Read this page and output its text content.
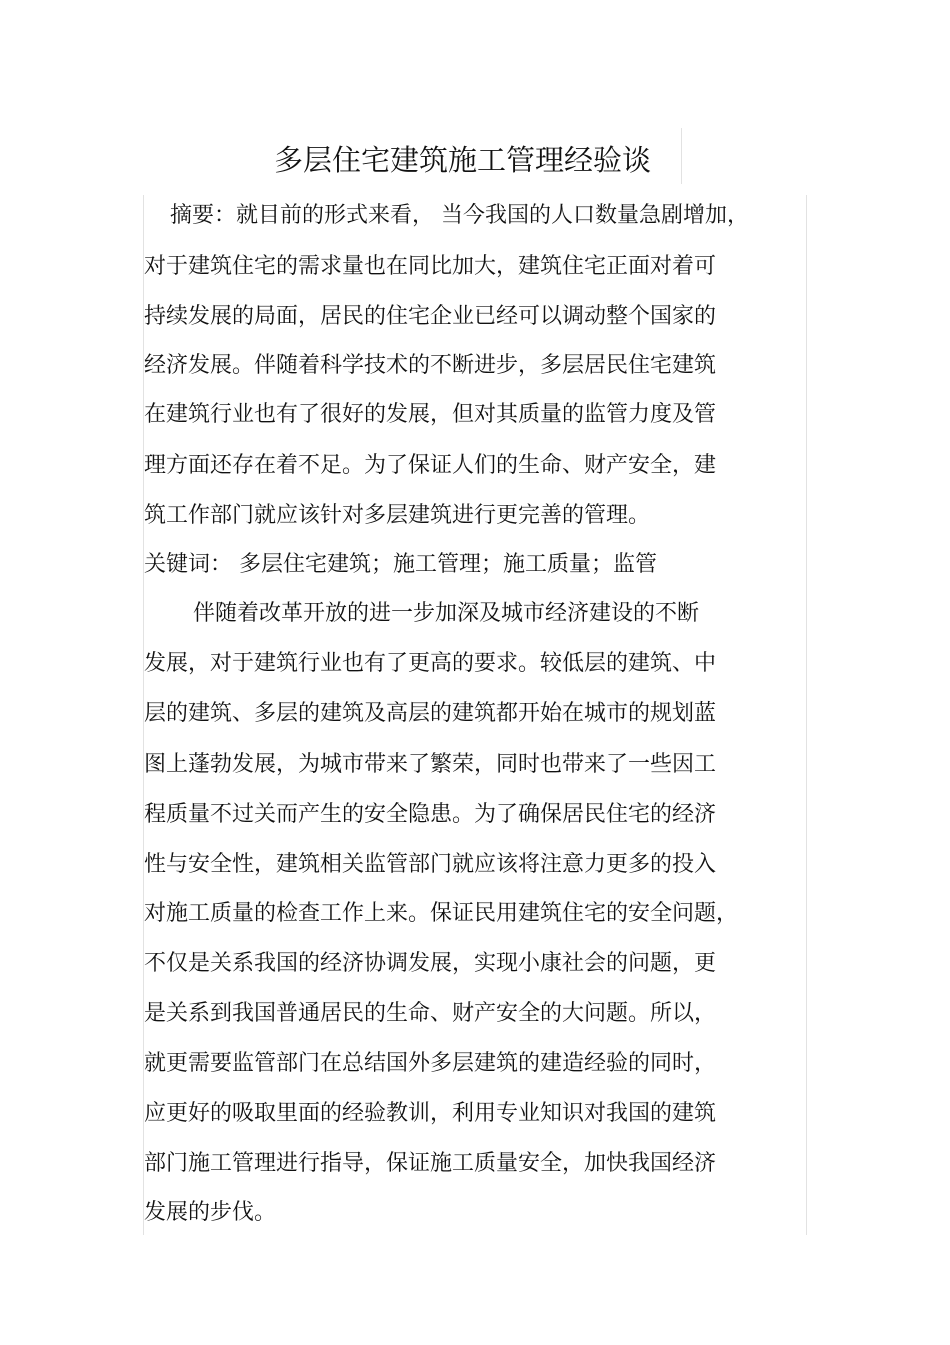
多层住宅建筑施工管理经验谈
摘要：就目前的形式来看， 当今我国的人口数量急剧增加，
对于建筑住宅的需求量也在同比加大，建筑住宅正面对着可
持续发展的局面，居民的住宅企业已经可以调动整个国家的
经济发展。伴随着科学技术的不断进步，多层居民住宅建筑
在建筑行业也有了很好的发展，但对其质量的监管力度及管
理方面还存在着不足。为了保证人们的生命、财产安全，建
筑工作部门就应该针对多层建筑进行更完善的管理。
关键词： 多层住宅建筑；施工管理；施工质量；监管
伴随着改革开放的进一步加深及城市经济建设的不断
发展，对于建筑行业也有了更高的要求。较低层的建筑、中
层的建筑、多层的建筑及高层的建筑都开始在城市的规划蓝
图上蓬勃发展，为城市带来了繁荣，同时也带来了一些因工
程质量不过关而产生的安全隐患。为了确保居民住宅的经济
性与安全性，建筑相关监管部门就应该将注意力更多的投入
对施工质量的检查工作上来。保证民用建筑住宅的安全问题，
不仅是关系我国的经济协调发展，实现小康社会的问题，更
是关系到我国普通居民的生命、财产安全的大问题。所以，
就更需要监管部门在总结国外多层建筑的建造经验的同时，
应更好的吸取里面的经验教训，利用专业知识对我国的建筑
部门施工管理进行指导，保证施工质量安全，加快我国经济
发展的步伐。
